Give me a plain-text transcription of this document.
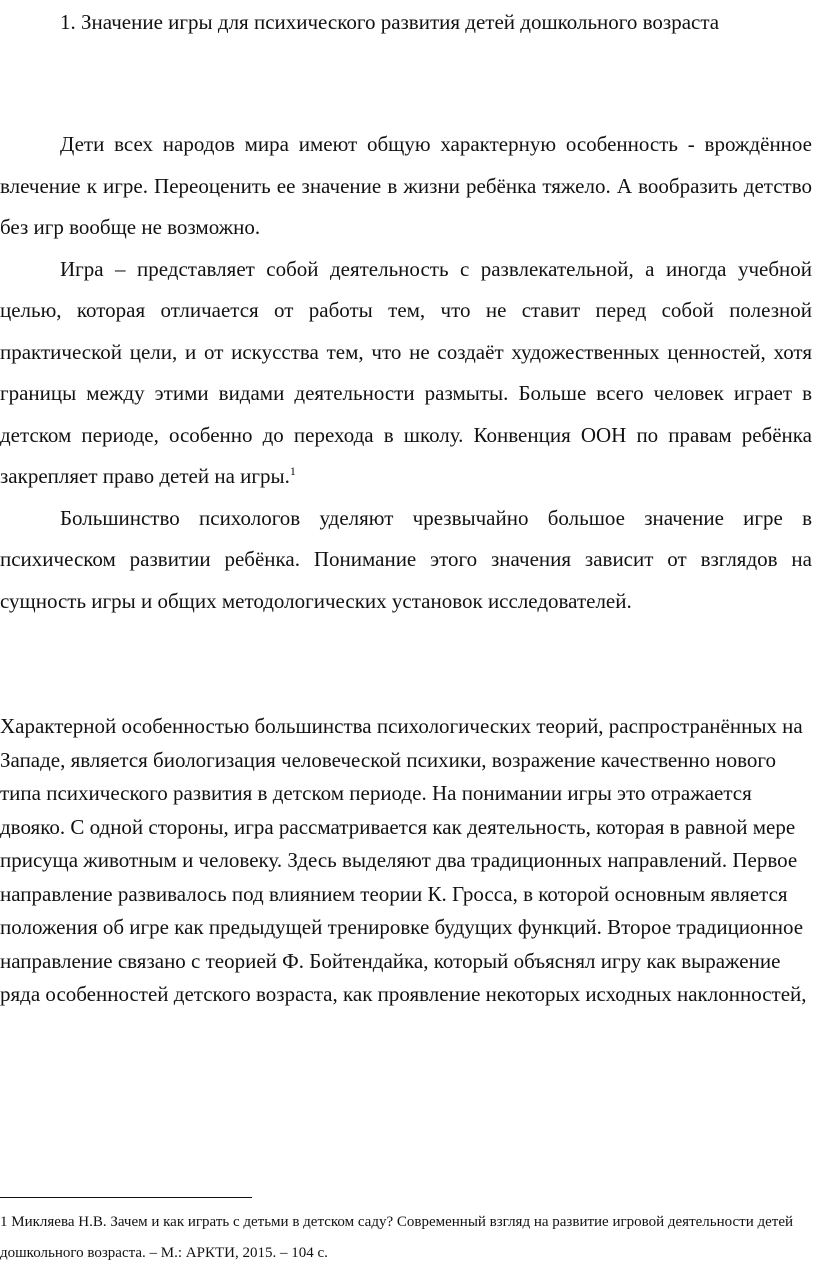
1. Значение игры для психического развития детей дошкольного возраста

Дети всех народов мира имеют общую характерную особенность - врождённое влечение к игре. Переоценить ее значение в жизни ребёнка тяжело. А вообразить детство без игр вообще не возможно.

Игра – представляет собой деятельность с развлекательной, а иногда учебной целью, которая отличается от работы тем, что не ставит перед собой полезной практической цели, и от искусства тем, что не создаёт художественных ценностей, хотя границы между этими видами деятельности размыты. Больше всего человек играет в детском периоде, особенно до перехода в школу. Конвенция ООН по правам ребёнка закрепляет право детей на игры.$^1$

Большинство психологов уделяют чрезвычайно большое значение игре в психическом развитии ребёнка. Понимание этого значения зависит от взглядов на сущность игры и общих методологических установок исследователей.

Характерной особенностью большинства психологических теорий, распространённых на Западе, является биологизация человеческой психики, возражение качественно нового типа психического развития в детском периоде. На понимании игры это отражается двояко. С одной стороны, игра рассматривается как деятельность, которая в равной мере присуща животным и человеку. Здесь выделяют два традиционных направлений. Первое направление развивалось под влиянием теории К. Гросса, в которой основным является положения об игре как предыдущей тренировке будущих функций. Второе традиционное направление связано с теорией Ф. Бойтендайка, который объяснял игру как выражение ряда особенностей детского возраста, как проявление некоторых исходных наклонностей,

1 Микляева Н.В. Зачем и как играть с детьми в детском саду? Современный взгляд на развитие игровой деятельности детей дошкольного возраста. – М.: АРКТИ, 2015. – 104 с.
